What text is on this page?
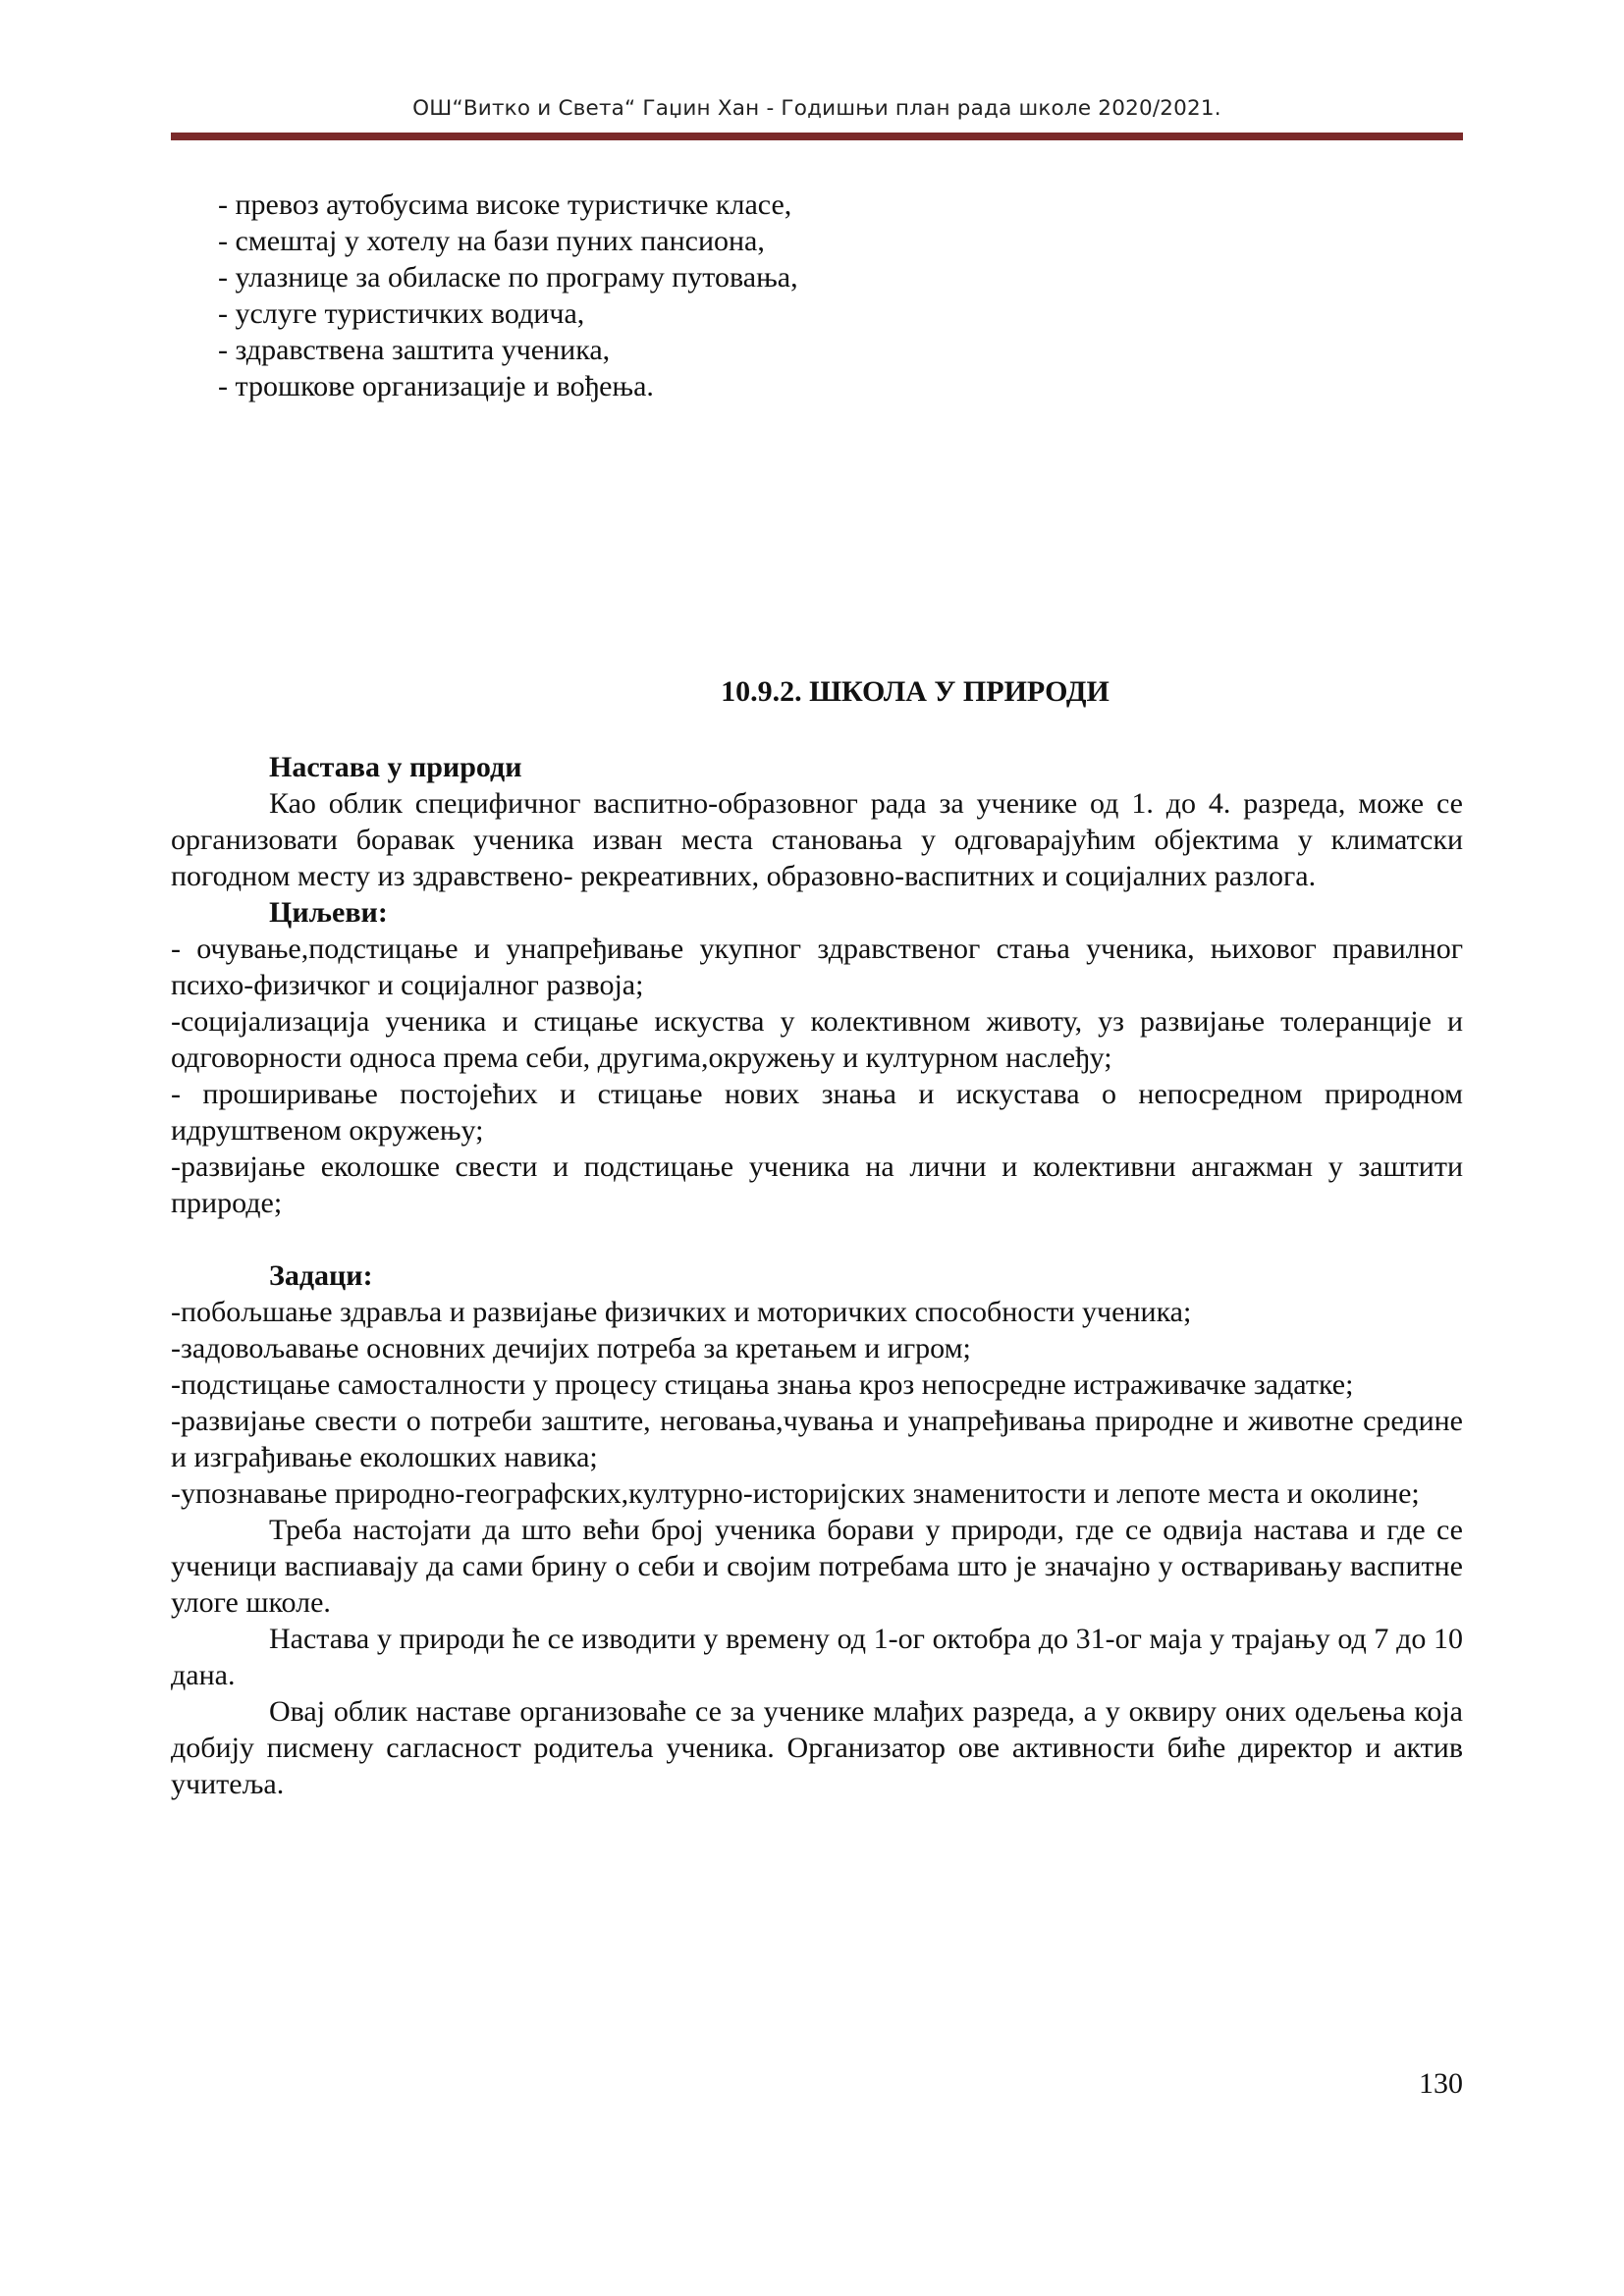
ОШ“Витко и Света“ Гаџин Хан - Годишњи план рада школе 2020/2021.
- превоз аутобусима високе туристичке класе,
- смештај у хотелу на бази пуних пансиона,
- улазнице за обиласке по програму путовања,
- услуге туристичких водича,
- здравствена заштита ученика,
- трошкове организације и вођења.
10.9.2. ШКОЛА У ПРИРОДИ

Настава у природи

Као облик специфичног васпитно-образовног рада за ученике од 1. до 4. разреда, може се организовати боравак ученика изван места становања у одговарајућим објектима у климатски погодном месту из здравствено- рекреативних, образовно-васпитних и социјалних разлога.

Циљеви:

- очување,подстицање и унапређивање укупног здравственог стања ученика, њиховог правилног психо-физичког и социјалног развоја;

-социјализација ученика и стицање искуства у колективном животу, уз развијање толеранције и одговорности односа према себи, другима,окружењу и културном наслеђу;

- проширивање постојећих и стицање нових знања и искустава о непосредном природном идруштвеном окружењу;

-развијање еколошке свести и подстицање ученика на лични и колективни ангажман у заштити природе;

Задаци:

-побољшање здравља и развијање физичких и моторичких способности ученика;

-задовољавање основних дечијих потреба за кретањем и игром;

-подстицање самосталности у процесу стицања знања кроз непосредне истраживачке задатке;

-развијање свести о потреби заштите, неговања,чувања и унапређивања природне и животне средине и изграђивање еколошких навика;

-упознавање природно-географских,културно-историјских знаменитости и лепоте места и околине;

Треба настојати да што већи број ученика борави у природи, где се одвија настава и где се ученици васпиавају да сами брину о себи и својим потребама што је значајно у остваривању васпитне улоге школе.

Настава у природи ће се изводити у времену од 1-ог октобра до 31-ог маја у трајању од 7 до 10 дана.

Овај облик наставе организоваће се за ученике млађих разреда, а у оквиру оних одељења која добију писмену сагласност родитеља ученика. Организатор ове активности биће директор и актив учитеља.

130
